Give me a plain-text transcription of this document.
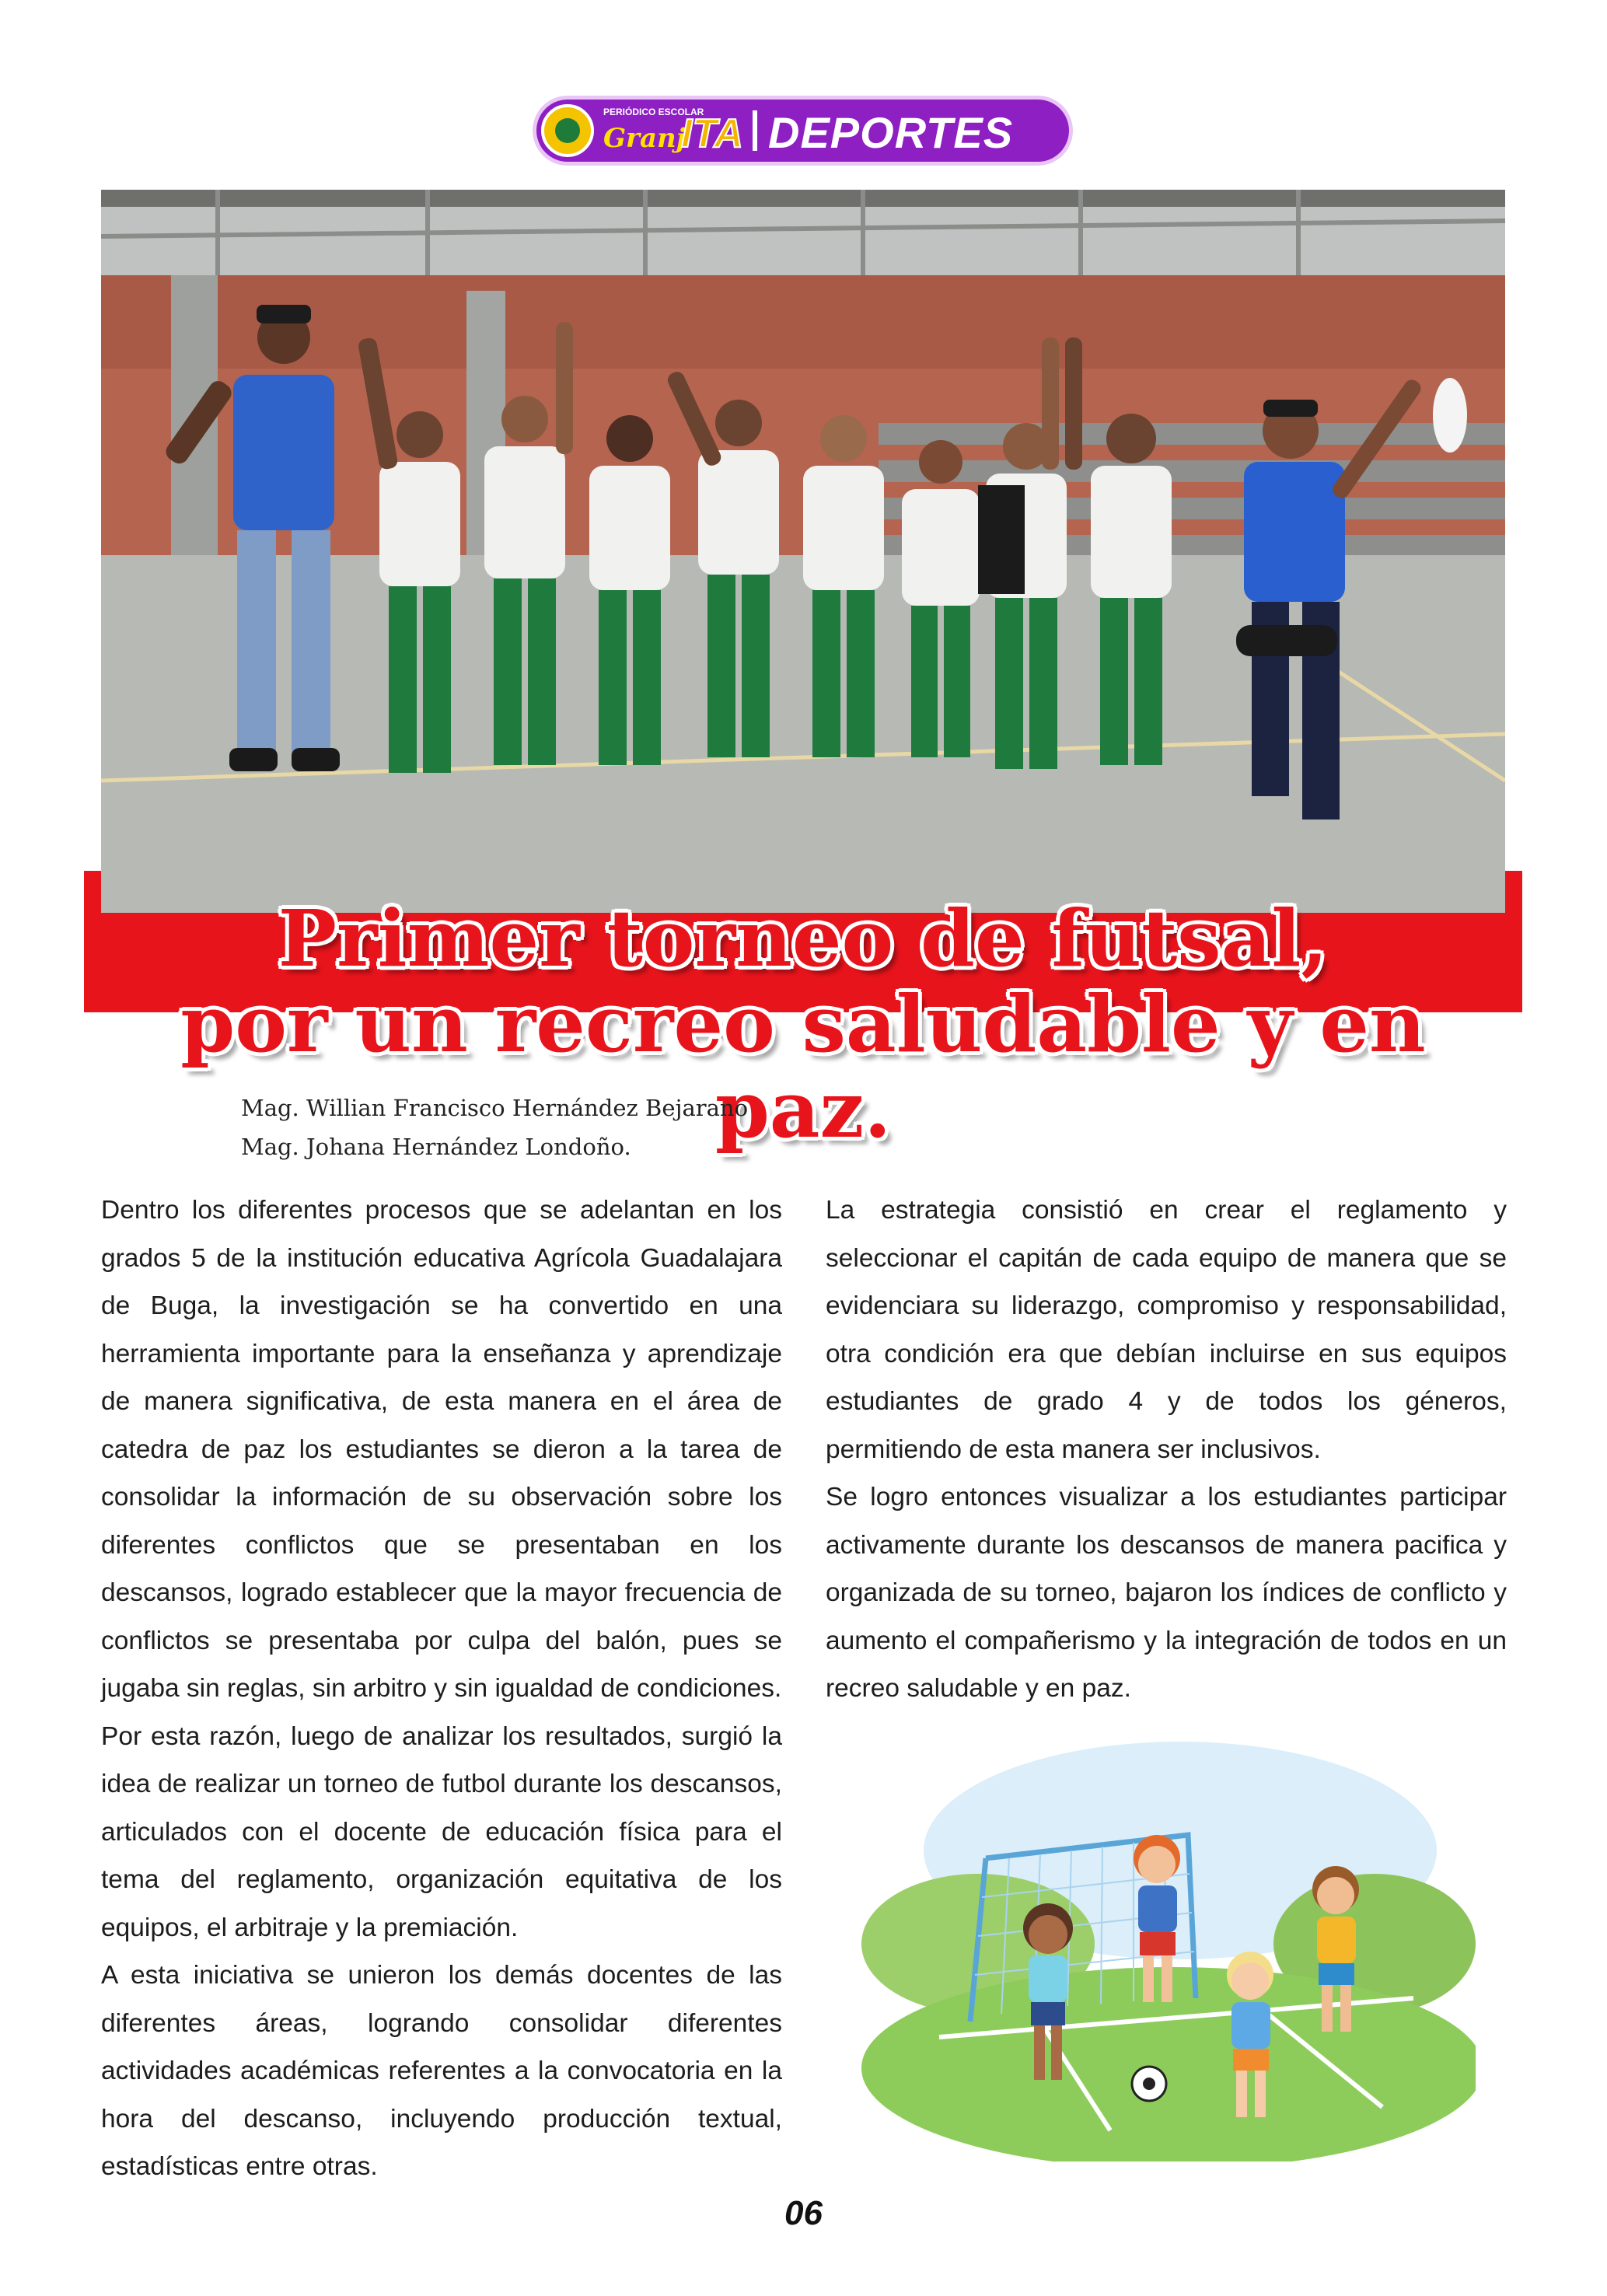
PERIÓDICO ESCOLAR
Granj
ITA DEPORTES
Primer torneo de futsal,
por un recreo saludable y en paz.
Mag. Willian Francisco Hernández Bejarano
Mag. Johana Hernández Londoño.

Dentro los diferentes procesos que se adelantan en los grados 5 de la institución educativa Agrícola Guadalajara de Buga, la investigación se ha convertido en una herramienta importante para la enseñanza y aprendizaje de manera significativa, de esta manera en el área de catedra de paz los estudiantes se dieron a la tarea de consolidar la información de su observación sobre los diferentes conflictos que se presentaban en los descansos, logrado establecer que la mayor frecuencia de conflictos se presentaba por culpa del balón, pues se jugaba sin reglas, sin arbitro y sin igualdad de condiciones.

Por esta razón, luego de analizar los resultados, surgió la idea de realizar un torneo de futbol durante los descansos, articulados con el docente de educación física para el tema del reglamento, organización equitativa de los equipos, el arbitraje y la premiación.

A esta iniciativa se unieron los demás docentes de las diferentes áreas, logrando consolidar diferentes actividades académicas referentes a la convocatoria en la hora del descanso, incluyendo producción textual, estadísticas entre otras.

La estrategia consistió en crear el reglamento y seleccionar el capitán de cada equipo de manera que se evidenciara su liderazgo, compromiso y responsabilidad, otra condición era que debían incluirse en sus equipos estudiantes de grado 4 y de todos los géneros, permitiendo de esta manera ser inclusivos.

Se logro entonces visualizar a los estudiantes participar activamente durante los descansos de manera pacifica y organizada de su torneo, bajaron los índices de conflicto y aumento el compañerismo y la integración de todos en un recreo saludable y en paz.

06
